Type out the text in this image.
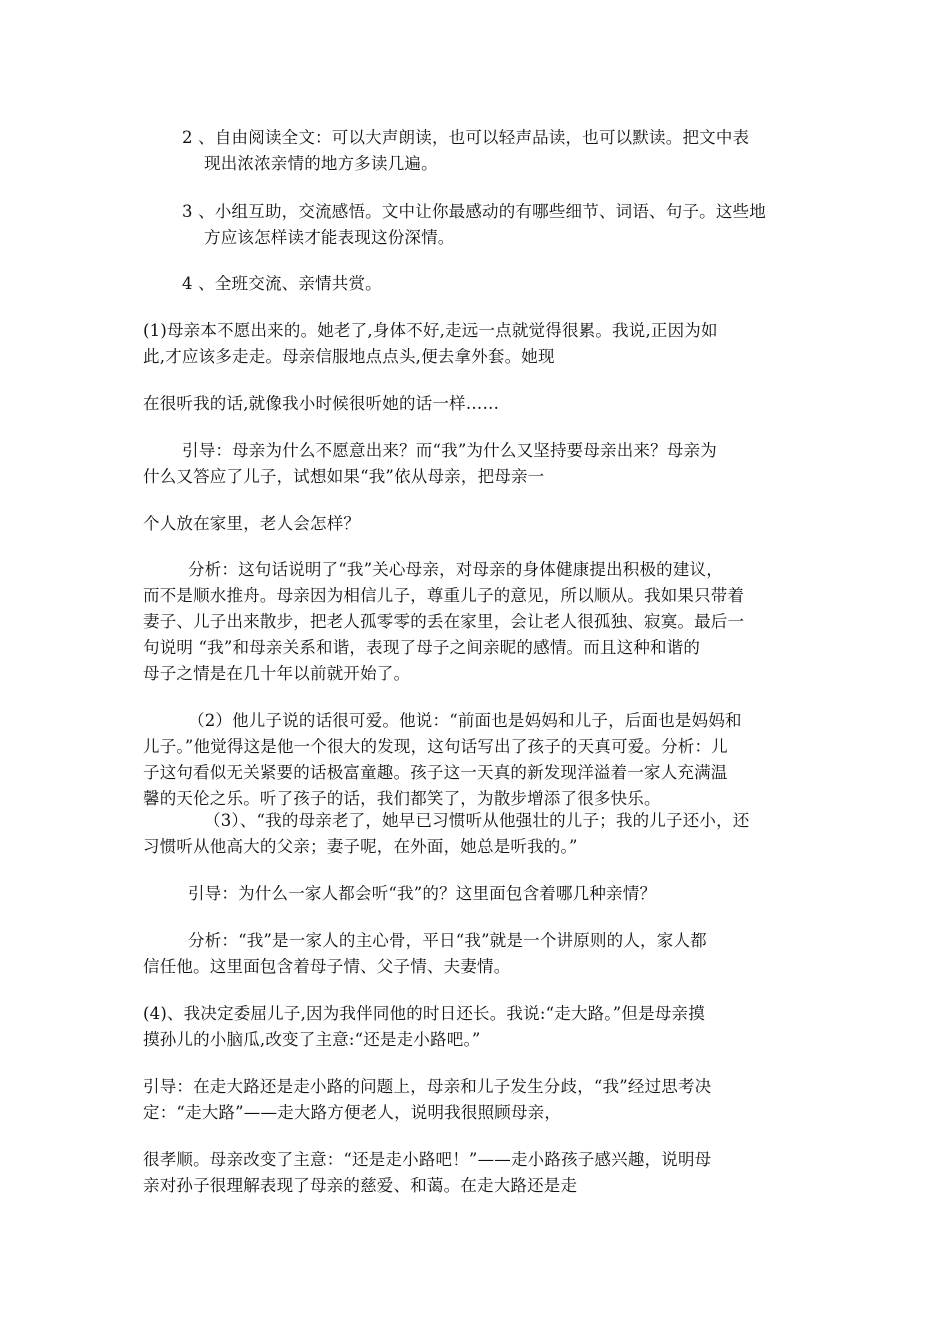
2 、自由阅读全文：可以大声朗读，也可以轻声品读，也可以默读。把文中表
现出浓浓亲情的地方多读几遍。
3 、小组互助，交流感悟。文中让你最感动的有哪些细节、词语、句子。这些地
方应该怎样读才能表现这份深情。
4 、全班交流、亲情共赏。
(1)母亲本不愿出来的。她老了,身体不好,走远一点就觉得很累。我说,正因为如
此,才应该多走走。母亲信服地点点头,便去拿外套。她现
在很听我的话,就像我小时候很听她的话一样……
引导：母亲为什么不愿意出来？而“我”为什么又坚持要母亲出来？母亲为
什么又答应了儿子，试想如果“我”依从母亲，把母亲一
个人放在家里，老人会怎样？
分析：这句话说明了“我”关心母亲，对母亲的身体健康提出积极的建议，
而不是顺水推舟。母亲因为相信儿子，尊重儿子的意见，所以顺从。我如果只带着
妻子、儿子出来散步，把老人孤零零的丢在家里，会让老人很孤独、寂寞。最后一
句说明 “我”和母亲关系和谐，表现了母子之间亲昵的感情。而且这种和谐的
母子之情是在几十年以前就开始了。
（2）他儿子说的话很可爱。他说：“前面也是妈妈和儿子，后面也是妈妈和
儿子。”他觉得这是他一个很大的发现，这句话写出了孩子的天真可爱。分析：儿
子这句看似无关紧要的话极富童趣。孩子这一天真的新发现洋溢着一家人充满温
馨的天伦之乐。听了孩子的话，我们都笑了，为散步增添了很多快乐。
（3）、“我的母亲老了，她早已习惯听从他强壮的儿子；我的儿子还小，还
习惯听从他高大的父亲；妻子呢，在外面，她总是听我的。”
引导：为什么一家人都会听“我”的？这里面包含着哪几种亲情？
分析：“我”是一家人的主心骨，平日“我”就是一个讲原则的人，家人都
信任他。这里面包含着母子情、父子情、夫妻情。
(4)、我决定委屈儿子,因为我伴同他的时日还长。我说:“走大路。”但是母亲摸
摸孙儿的小脑瓜,改变了主意:“还是走小路吧。”
引导：在走大路还是走小路的问题上，母亲和儿子发生分歧，“我”经过思考决
定：“走大路”——走大路方便老人，说明我很照顾母亲，
很孝顺。母亲改变了主意：“还是走小路吧！”——走小路孩子感兴趣，说明母
亲对孙子很理解表现了母亲的慈爱、和蔼。在走大路还是走
